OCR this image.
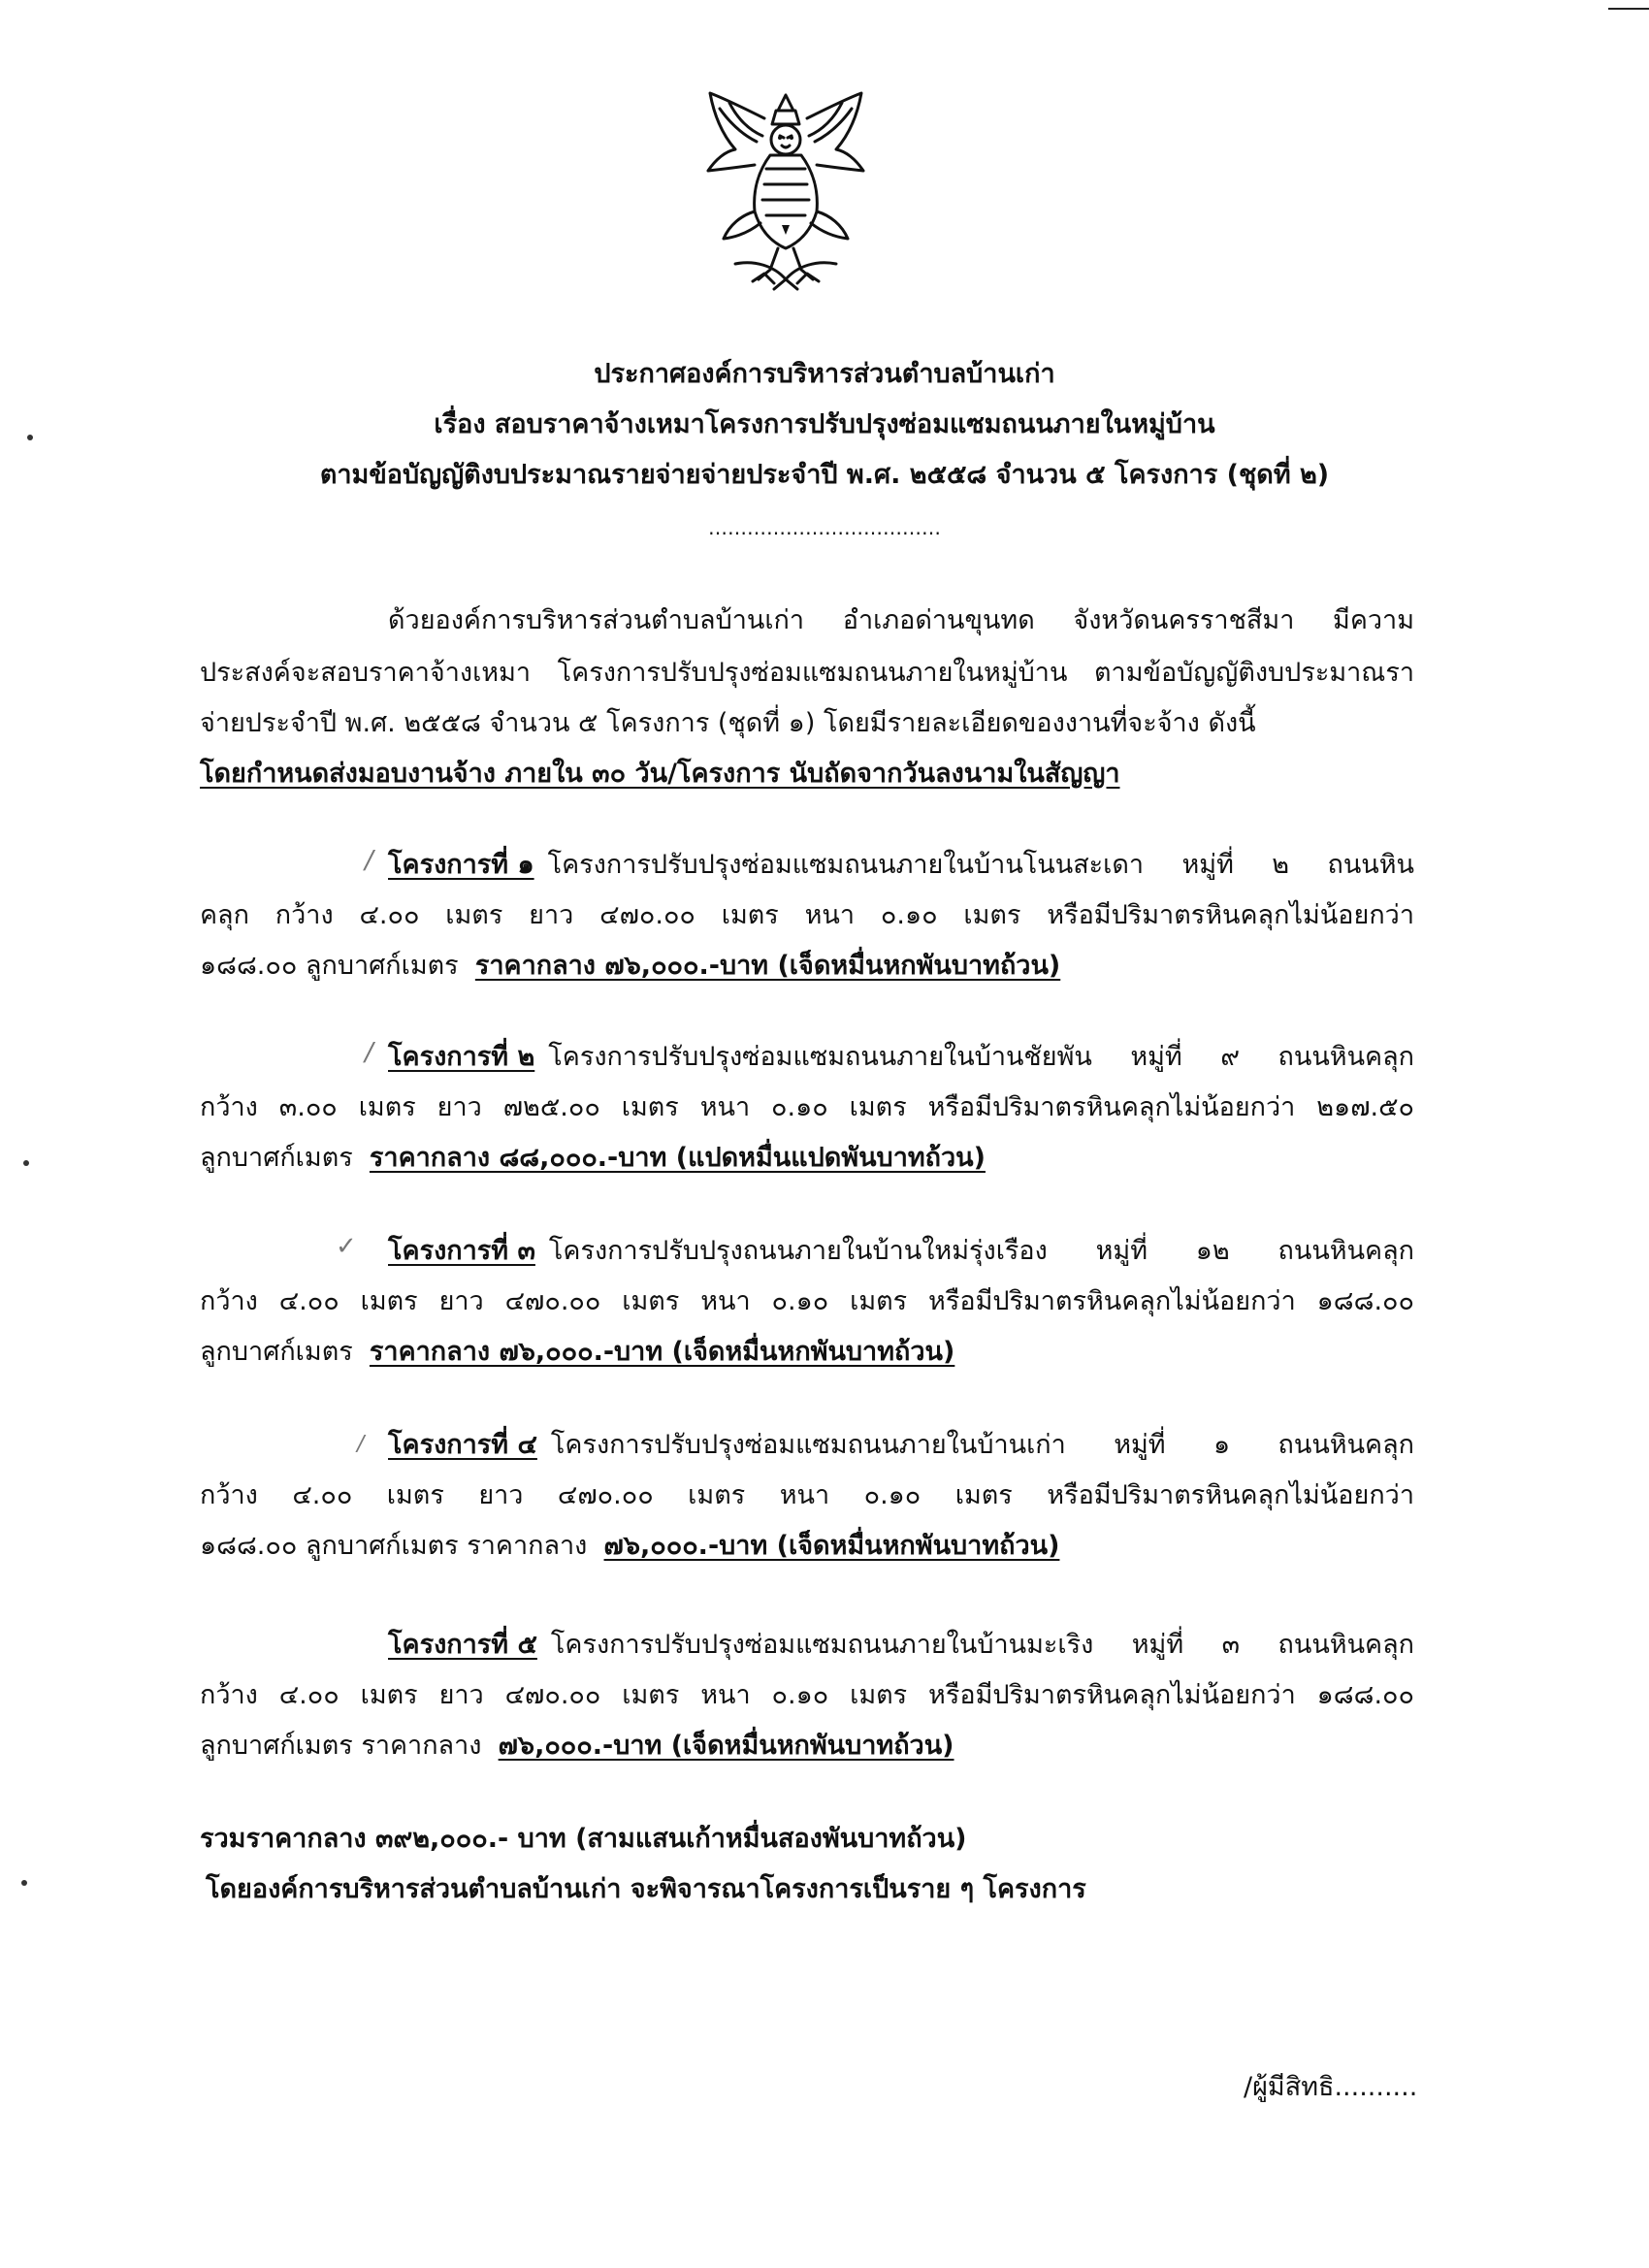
ประกาศองค์การบริหารส่วนตำบลบ้านเก่า
เรื่อง สอบราคาจ้างเหมาโครงการปรับปรุงซ่อมแซมถนนภายในหมู่บ้าน
ตามข้อบัญญัติงบประมาณรายจ่ายจ่ายประจำปี พ.ศ. ๒๕๕๘ จำนวน ๕ โครงการ (ชุดที่ ๒)
………………………………
ด้วยองค์การบริหารส่วนตำบลบ้านเก่า อำเภอด่านขุนทด จังหวัดนครราชสีมา มีความ
ประสงค์จะสอบราคาจ้างเหมา โครงการปรับปรุงซ่อมแซมถนนภายในหมู่บ้าน ตามข้อบัญญัติงบประมาณรา
จ่ายประจำปี พ.ศ. ๒๕๕๘ จำนวน ๕ โครงการ (ชุดที่ ๑) โดยมีรายละเอียดของงานที่จะจ้าง ดังนี้
โดยกำหนดส่งมอบงานจ้าง ภายใน ๓๐ วัน/โครงการ นับถัดจากวันลงนามในสัญญา
∕ โครงการที่ ๑ โครงการปรับปรุงซ่อมแซมถนนภายในบ้านโนนสะเดา หมู่ที่ ๒ ถนนหิน
คลุก กว้าง ๔.๐๐ เมตร ยาว ๔๗๐.๐๐ เมตร หนา ๐.๑๐ เมตร หรือมีปริมาตรหินคลุกไม่น้อยกว่า
๑๘๘.๐๐ ลูกบาศก์เมตร ราคากลาง ๗๖,๐๐๐.-บาท (เจ็ดหมื่นหกพันบาทถ้วน)
∕ โครงการที่ ๒ โครงการปรับปรุงซ่อมแซมถนนภายในบ้านชัยพัน หมู่ที่ ๙ ถนนหินคลุก
กว้าง ๓.๐๐ เมตร ยาว ๗๒๕.๐๐ เมตร หนา ๐.๑๐ เมตร หรือมีปริมาตรหินคลุกไม่น้อยกว่า ๒๑๗.๕๐
ลูกบาศก์เมตร ราคากลาง ๘๘,๐๐๐.-บาท (แปดหมื่นแปดพันบาทถ้วน)
✓ โครงการที่ ๓ โครงการปรับปรุงถนนภายในบ้านใหม่รุ่งเรือง หมู่ที่ ๑๒ ถนนหินคลุก
กว้าง ๔.๐๐ เมตร ยาว ๔๗๐.๐๐ เมตร หนา ๐.๑๐ เมตร หรือมีปริมาตรหินคลุกไม่น้อยกว่า ๑๘๘.๐๐
ลูกบาศก์เมตร ราคากลาง ๗๖,๐๐๐.-บาท (เจ็ดหมื่นหกพันบาทถ้วน)
∕ โครงการที่ ๔ โครงการปรับปรุงซ่อมแซมถนนภายในบ้านเก่า หมู่ที่ ๑ ถนนหินคลุก
กว้าง ๔.๐๐ เมตร ยาว ๔๗๐.๐๐ เมตร หนา ๐.๑๐ เมตร หรือมีปริมาตรหินคลุกไม่น้อยกว่า
๑๘๘.๐๐ ลูกบาศก์เมตร ราคากลาง ๗๖,๐๐๐.-บาท (เจ็ดหมื่นหกพันบาทถ้วน)
โครงการที่ ๕ โครงการปรับปรุงซ่อมแซมถนนภายในบ้านมะเริง หมู่ที่ ๓ ถนนหินคลุก
กว้าง ๔.๐๐ เมตร ยาว ๔๗๐.๐๐ เมตร หนา ๐.๑๐ เมตร หรือมีปริมาตรหินคลุกไม่น้อยกว่า ๑๘๘.๐๐
ลูกบาศก์เมตร ราคากลาง ๗๖,๐๐๐.-บาท (เจ็ดหมื่นหกพันบาทถ้วน)
รวมราคากลาง ๓๙๒,๐๐๐.- บาท (สามแสนเก้าหมื่นสองพันบาทถ้วน)
โดยองค์การบริหารส่วนตำบลบ้านเก่า จะพิจารณาโครงการเป็นราย ๆ โครงการ
/ผู้มีสิทธิ..........
